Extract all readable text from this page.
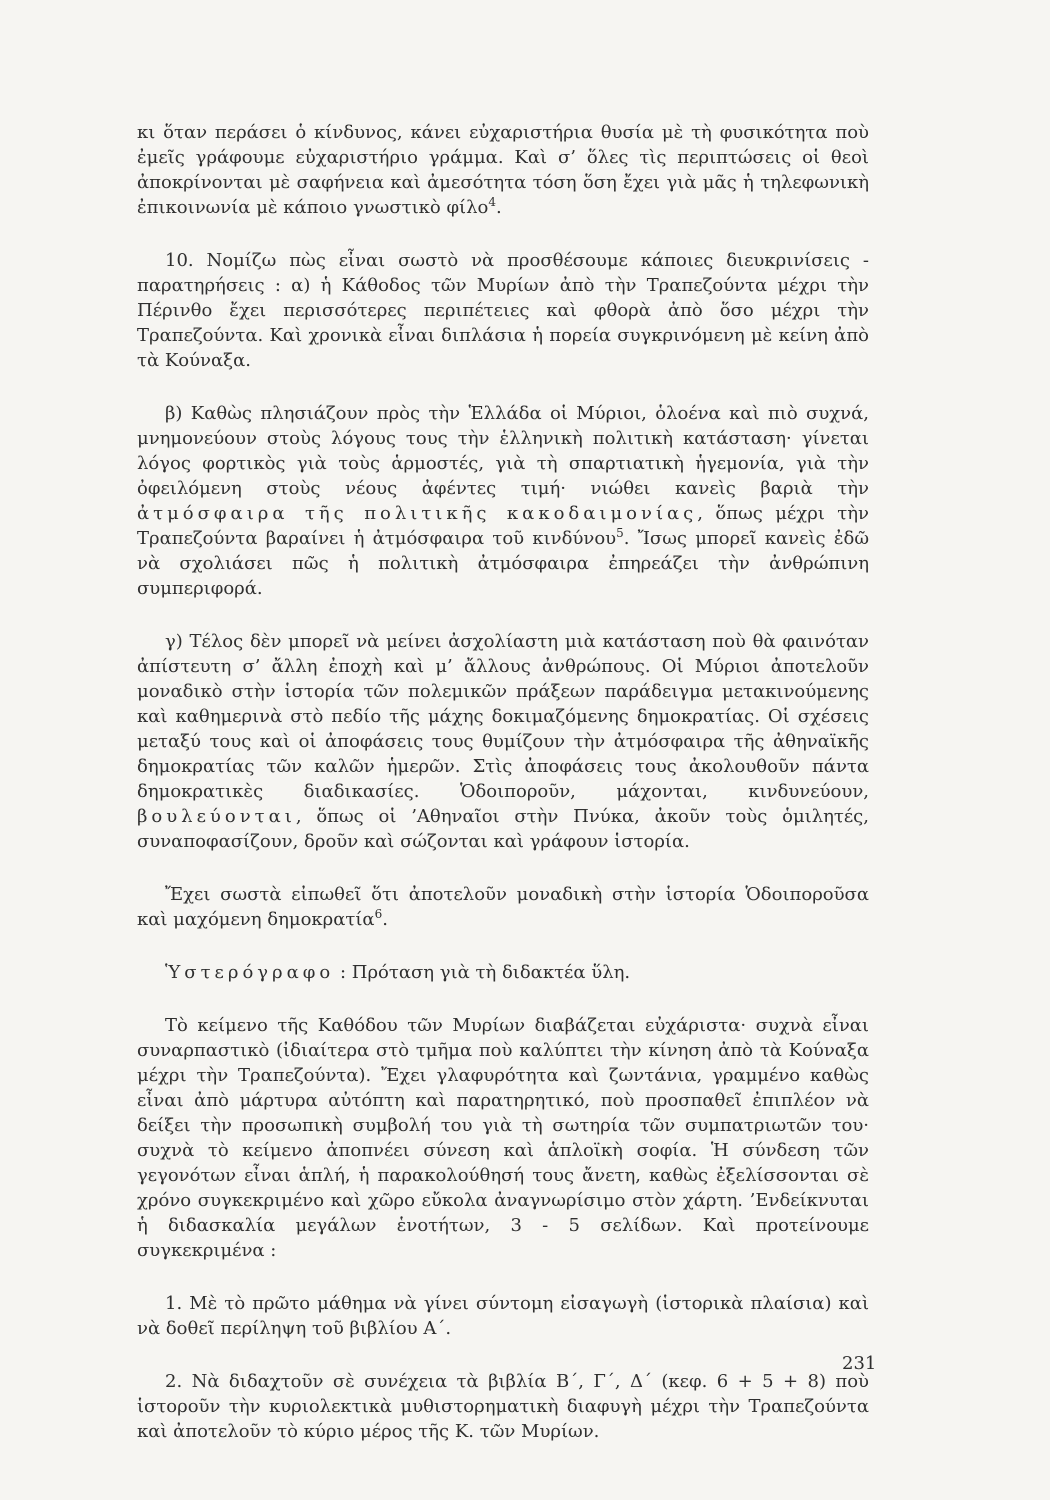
κι ὅταν περάσει ὁ κίνδυνος, κάνει εὐχαριστήρια θυσία μὲ τὴ φυσικότητα ποὺ ἐμεῖς γράφουμε εὐχαριστήριο γράμμα. Καὶ σ’ ὅλες τὶς περιπτώσεις οἱ θεοὶ ἀποκρίνονται μὲ σαφήνεια καὶ ἀμεσότητα τόση ὅση ἔχει γιὰ μᾶς ἡ τηλεφωνικὴ ἐπικοινωνία μὲ κάποιο γνωστικὸ φίλο$^4$.

10. Νομίζω πὼς εἶναι σωστὸ νὰ προσθέσουμε κάποιες διευκρινίσεις - παρατηρήσεις : α) ἡ Κάθοδος τῶν Μυρίων ἀπὸ τὴν Τραπεζούντα μέχρι τὴν Πέρινθο ἔχει περισσότερες περιπέτειες καὶ φθορὰ ἀπὸ ὅσο μέχρι τὴν Τραπεζούντα. Καὶ χρονικὰ εἶναι διπλάσια ἡ πορεία συγκρινόμενη μὲ κείνη ἀπὸ τὰ Κούναξα.

β) Καθὼς πλησιάζουν πρὸς τὴν Ἑλλάδα οἱ Μύριοι, ὁλοένα καὶ πιὸ συχνά, μνημονεύουν στοὺς λόγους τους τὴν ἑλληνικὴ πολιτικὴ κατάσταση· γίνεται λόγος φορτικὸς γιὰ τοὺς ἁρμοστές, γιὰ τὴ σπαρτιατικὴ ἡγεμονία, γιὰ τὴν ὀφειλόμενη στοὺς νέους ἀφέντες τιμή· νιώθει κανεὶς βαριὰ τὴν ἀτμόσφαιρα τῆς πολιτικῆς κακοδαιμονίας, ὅπως μέχρι τὴν Τραπεζούντα βαραίνει ἡ ἀτμόσφαιρα τοῦ κινδύνου$^5$. Ἴσως μπορεῖ κανεὶς ἐδῶ νὰ σχολιάσει πῶς ἡ πολιτικὴ ἀτμόσφαιρα ἐπηρεάζει τὴν ἀνθρώπινη συμπεριφορά.

γ) Τέλος δὲν μπορεῖ νὰ μείνει ἀσχολίαστη μιὰ κατάσταση ποὺ θὰ φαινόταν ἀπίστευτη σ’ ἄλλη ἐποχὴ καὶ μ’ ἄλλους ἀνθρώπους. Οἱ Μύριοι ἀποτελοῦν μοναδικὸ στὴν ἱστορία τῶν πολεμικῶν πράξεων παράδειγμα μετακινούμενης καὶ καθημερινὰ στὸ πεδίο τῆς μάχης δοκιμαζόμενης δημοκρατίας. Οἱ σχέσεις μεταξύ τους καὶ οἱ ἀποφάσεις τους θυμίζουν τὴν ἀτμόσφαιρα τῆς ἀθηναϊκῆς δημοκρατίας τῶν καλῶν ἡμερῶν. Στὶς ἀποφάσεις τους ἀκολουθοῦν πάντα δημοκρατικὲς διαδικασίες. Ὁδοιποροῦν, μάχονται, κινδυνεύουν, βουλεύονται, ὅπως οἱ ’Αθηναῖοι στὴν Πνύκα, ἀκοῦν τοὺς ὁμιλητές, συναποφασίζουν, δροῦν καὶ σώζονται καὶ γράφουν ἱστορία.

Ἔχει σωστὰ εἰπωθεῖ ὅτι ἀποτελοῦν μοναδικὴ στὴν ἱστορία Ὁδοιποροῦσα καὶ μαχόμενη δημοκρατία$^6$.

Ὑστερόγραφο : Πρόταση γιὰ τὴ διδακτέα ὕλη.

Τὸ κείμενο τῆς Καθόδου τῶν Μυρίων διαβάζεται εὐχάριστα· συχνὰ εἶναι συναρπαστικὸ (ἰδιαίτερα στὸ τμῆμα ποὺ καλύπτει τὴν κίνηση ἀπὸ τὰ Κούναξα μέχρι τὴν Τραπεζούντα). Ἔχει γλαφυρότητα καὶ ζωντάνια, γραμμένο καθὼς εἶναι ἀπὸ μάρτυρα αὐτόπτη καὶ παρατηρητικό, ποὺ προσπαθεῖ ἐπιπλέον νὰ δείξει τὴν προσωπικὴ συμβολή του γιὰ τὴ σωτηρία τῶν συμπατριωτῶν του· συχνὰ τὸ κείμενο ἀποπνέει σύνεση καὶ ἁπλοϊκὴ σοφία. Ἡ σύνδεση τῶν γεγονότων εἶναι ἁπλή, ἡ παρακολούθησή τους ἄνετη, καθὼς ἐξελίσσονται σὲ χρόνο συγκεκριμένο καὶ χῶρο εὔκολα ἀναγνωρίσιμο στὸν χάρτη. ’Ενδείκνυται ἡ διδασκαλία μεγάλων ἑνοτήτων, 3 - 5 σελίδων. Καὶ προτείνουμε συγκεκριμένα :

1. Μὲ τὸ πρῶτο μάθημα νὰ γίνει σύντομη εἰσαγωγὴ (ἱστορικὰ πλαίσια) καὶ νὰ δοθεῖ περίληψη τοῦ βιβλίου Α΄.

2. Νὰ διδαχτοῦν σὲ συνέχεια τὰ βιβλία Β΄, Γ΄, Δ΄ (κεφ. 6 + 5 + 8) ποὺ ἱστοροῦν τὴν κυριολεκτικὰ μυθιστορηματικὴ διαφυγὴ μέχρι τὴν Τραπεζούντα καὶ ἀποτελοῦν τὸ κύριο μέρος τῆς Κ. τῶν Μυρίων.

231
